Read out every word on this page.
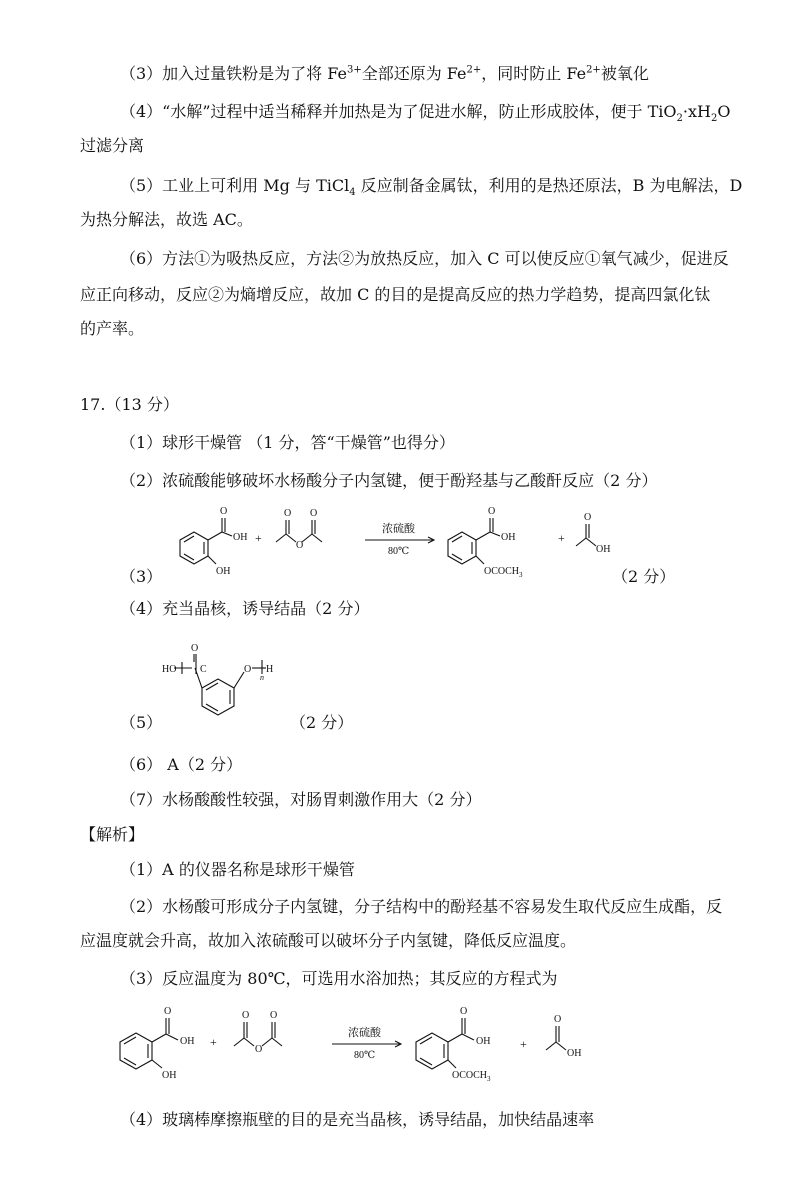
（3）加入过量铁粉是为了将 $Fe^{3+}$全部还原为 $Fe^{2+}$，同时防止 $Fe^{2+}$被氧化
（4）“水解”过程中适当稀释并加热是为了促进水解，防止形成胶体，便于 $TiO_2\cdot xH_2O$
过滤分离
（5）工业上可利用 Mg 与 TiCl$_4$ 反应制备金属钛，利用的是热还原法，B 为电解法，D
为热分解法，故选 AC。
（6）方法①为吸热反应，方法②为放热反应，加入 C 可以使反应①氧气减少，促进反
应正向移动，反应②为熵增反应，故加 C 的目的是提高反应的热力学趋势，提高四氯化钛
的产率。
17.（13 分）
（1）球形干燥管 （1 分，答“干燥管”也得分）
（2）浓硫酸能够破坏水杨酸分子内氢键，便于酚羟基与乙酸酐反应（2 分）
（3）	（2 分）
O
OH
OH
+
O
O
O
浓硫酸
80℃
O
OH
$OCOCH_3$
+
O
OH
（4）充当晶核，诱导结晶（2 分）
（5）	（2 分）
HO
O
C	O H
n
（6） A（2 分）
（7）水杨酸酸性较强，对肠胃刺激作用大（2 分）
【解析】
（1）A 的仪器名称是球形干燥管
（2）水杨酸可形成分子内氢键，分子结构中的酚羟基不容易发生取代反应生成酯，反
应温度就会升高，故加入浓硫酸可以破坏分子内氢键，降低反应温度。
（3）反应温度为 80℃，可选用水浴加热；其反应的方程式为
O
OH
OH
+
O
O
O
浓硫酸
80℃
O
OH
$OCOCH_3$
+
O
OH
（4）玻璃棒摩擦瓶壁的目的是充当晶核，诱导结晶，加快结晶速率
